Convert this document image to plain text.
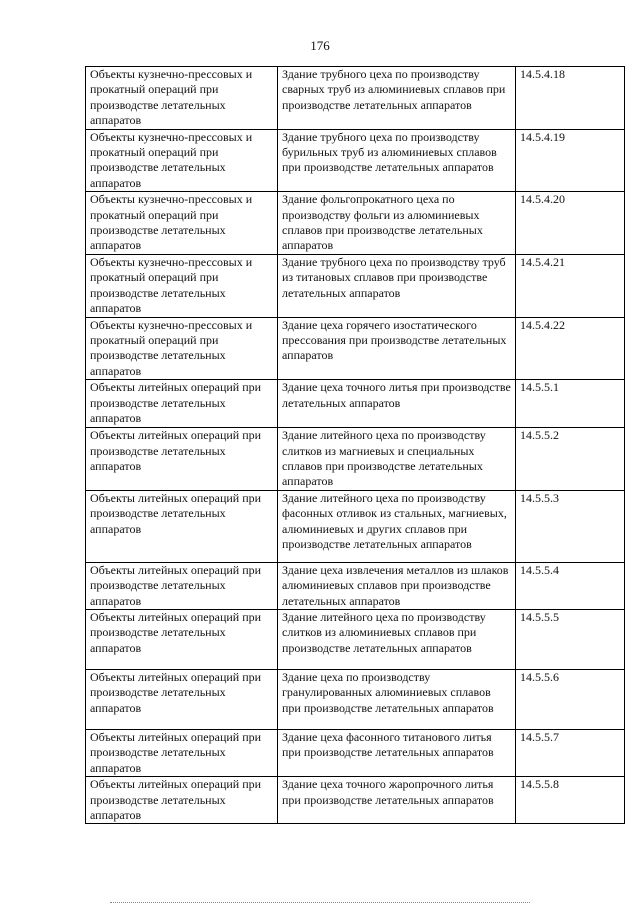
176
Объекты кузнечно-прессовых и прокатный операций при производстве летательных аппаратов	Здание трубного цеха по производству сварных труб из алюминиевых сплавов при производстве летательных аппаратов	14.5.4.18
Объекты кузнечно-прессовых и прокатный операций при производстве летательных аппаратов	Здание трубного цеха по производству бурильных труб из алюминиевых сплавов при производстве летательных аппаратов	14.5.4.19
Объекты кузнечно-прессовых и прокатный операций при производстве летательных аппаратов	Здание фольгопрокатного цеха по производству фольги из алюминиевых сплавов при производстве летательных аппаратов	14.5.4.20
Объекты кузнечно-прессовых и прокатный операций при производстве летательных аппаратов	Здание трубного цеха по производству труб из титановых сплавов при производстве летательных аппаратов	14.5.4.21
Объекты кузнечно-прессовых и прокатный операций при производстве летательных аппаратов	Здание цеха горячего изостатического прессования при производстве летательных аппаратов	14.5.4.22
Объекты литейных операций при производстве летательных аппаратов	Здание цеха точного литья при производстве летательных аппаратов	14.5.5.1
Объекты литейных операций при производстве летательных аппаратов	Здание литейного цеха по производству слитков из магниевых и специальных сплавов при производстве летательных аппаратов	14.5.5.2
Объекты литейных операций при производстве летательных аппаратов	Здание литейного цеха по производству фасонных отливок из стальных, магниевых, алюминиевых и других сплавов при производстве летательных аппаратов	14.5.5.3
Объекты литейных операций при производстве летательных аппаратов	Здание цеха извлечения металлов из шлаков алюминиевых сплавов при производстве летательных аппаратов	14.5.5.4
Объекты литейных операций при производстве летательных аппаратов	Здание литейного цеха по производству слитков из алюминиевых сплавов при производстве летательных аппаратов	14.5.5.5
Объекты литейных операций при производстве летательных аппаратов	Здание цеха по производству гранулированных алюминиевых сплавов при производстве летательных аппаратов	14.5.5.6
Объекты литейных операций при производстве летательных аппаратов	Здание цеха фасонного титанового литья при производстве летательных аппаратов	14.5.5.7
Объекты литейных операций при производстве летательных аппаратов	Здание цеха точного жаропрочного литья при производстве летательных аппаратов	14.5.5.8
